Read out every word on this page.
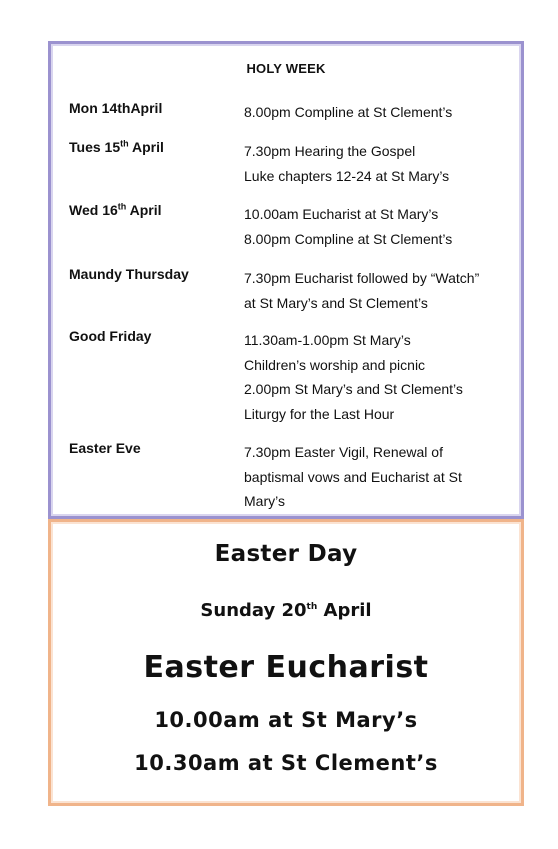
HOLY WEEK
Mon 14thApril	8.00pm Compline at St Clement’s
Tues 15th April	7.30pm Hearing the Gospel
Luke chapters 12-24 at St Mary’s
Wed 16th April	10.00am Eucharist at St Mary’s
8.00pm Compline at St Clement’s
Maundy Thursday	7.30pm Eucharist followed by “Watch”
at St Mary’s and St Clement’s
Good Friday	11.30am-1.00pm St Mary’s
Children’s worship and picnic
2.00pm St Mary’s and St Clement’s
Liturgy for the Last Hour
Easter Eve	7.30pm Easter Vigil, Renewal of
baptismal vows and Eucharist at St
Mary’s
Easter Day
Sunday 20th April
Easter Eucharist
10.00am at St Mary’s
10.30am at St Clement’s
